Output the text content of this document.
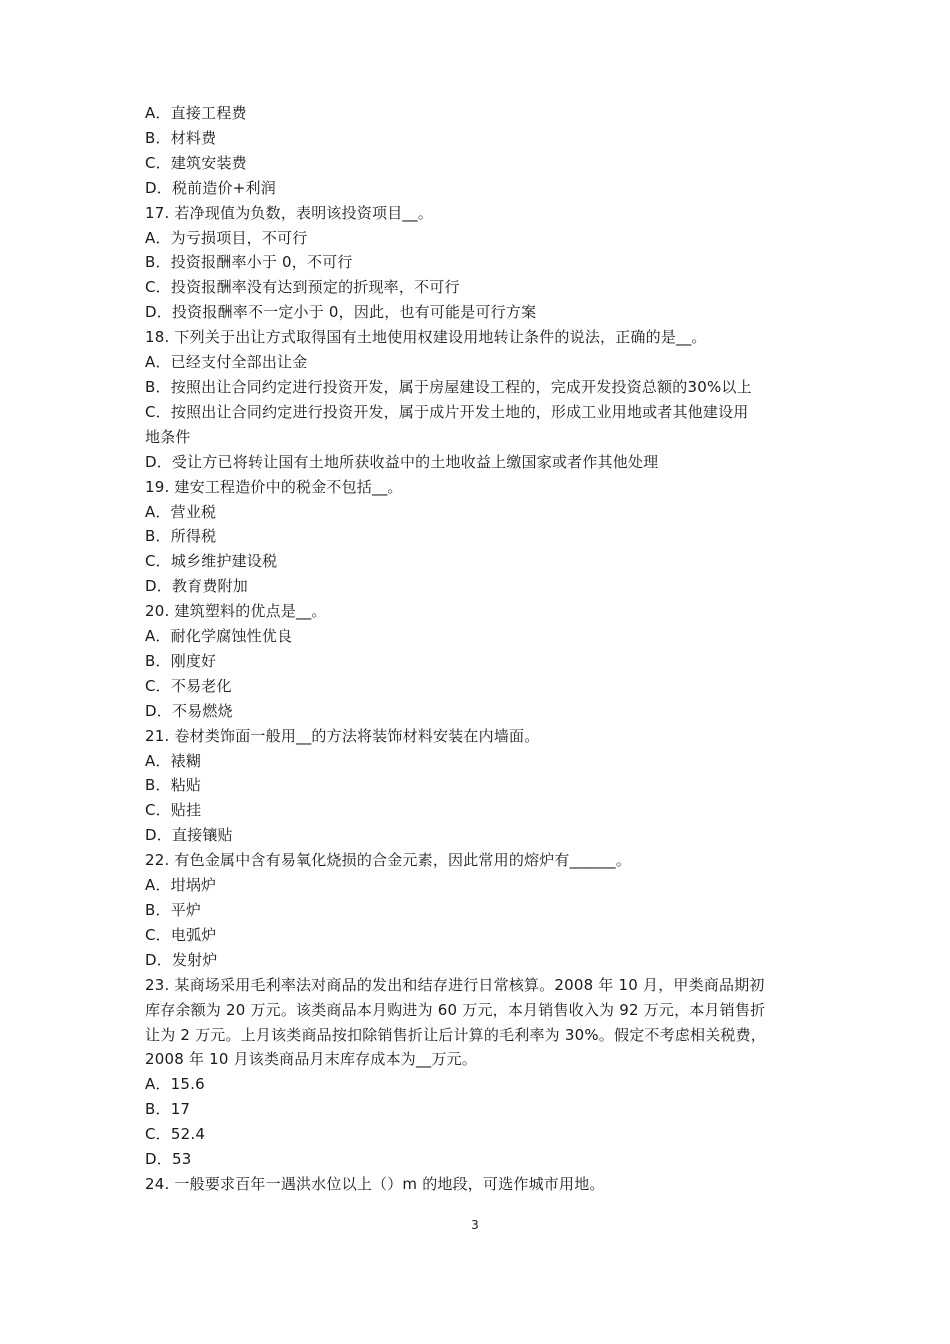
A．直接工程费
B．材料费
C．建筑安装费
D．税前造价+利润
17. 若净现值为负数，表明该投资项目__。
A．为亏损项目，不可行
B．投资报酬率小于 0，不可行
C．投资报酬率没有达到预定的折现率，不可行
D．投资报酬率不一定小于 0，因此，也有可能是可行方案
18. 下列关于出让方式取得国有土地使用权建设用地转让条件的说法，正确的是__。
A．已经支付全部出让金
B．按照出让合同约定进行投资开发，属于房屋建设工程的，完成开发投资总额的30%以上
C．按照出让合同约定进行投资开发，属于成片开发土地的，形成工业用地或者其他建设用
地条件
D．受让方已将转让国有土地所获收益中的土地收益上缴国家或者作其他处理
19. 建安工程造价中的税金不包括__。
A．营业税
B．所得税
C．城乡维护建设税
D．教育费附加
20. 建筑塑料的优点是__。
A．耐化学腐蚀性优良
B．刚度好
C．不易老化
D．不易燃烧
21. 卷材类饰面一般用__的方法将装饰材料安装在内墙面。
A．裱糊
B．粘贴
C．贴挂
D．直接镶贴
22. 有色金属中含有易氧化烧损的合金元素，因此常用的熔炉有______。
A．坩埚炉
B．平炉
C．电弧炉
D．发射炉
23. 某商场采用毛利率法对商品的发出和结存进行日常核算。2008 年 10 月，甲类商品期初
库存余额为 20 万元。该类商品本月购进为 60 万元，本月销售收入为 92 万元，本月销售折
让为 2 万元。上月该类商品按扣除销售折让后计算的毛利率为 30%。假定不考虑相关税费，
2008 年 10 月该类商品月末库存成本为__万元。
A．15.6
B．17
C．52.4
D．53
24. 一般要求百年一遇洪水位以上（）m 的地段，可选作城市用地。
3
